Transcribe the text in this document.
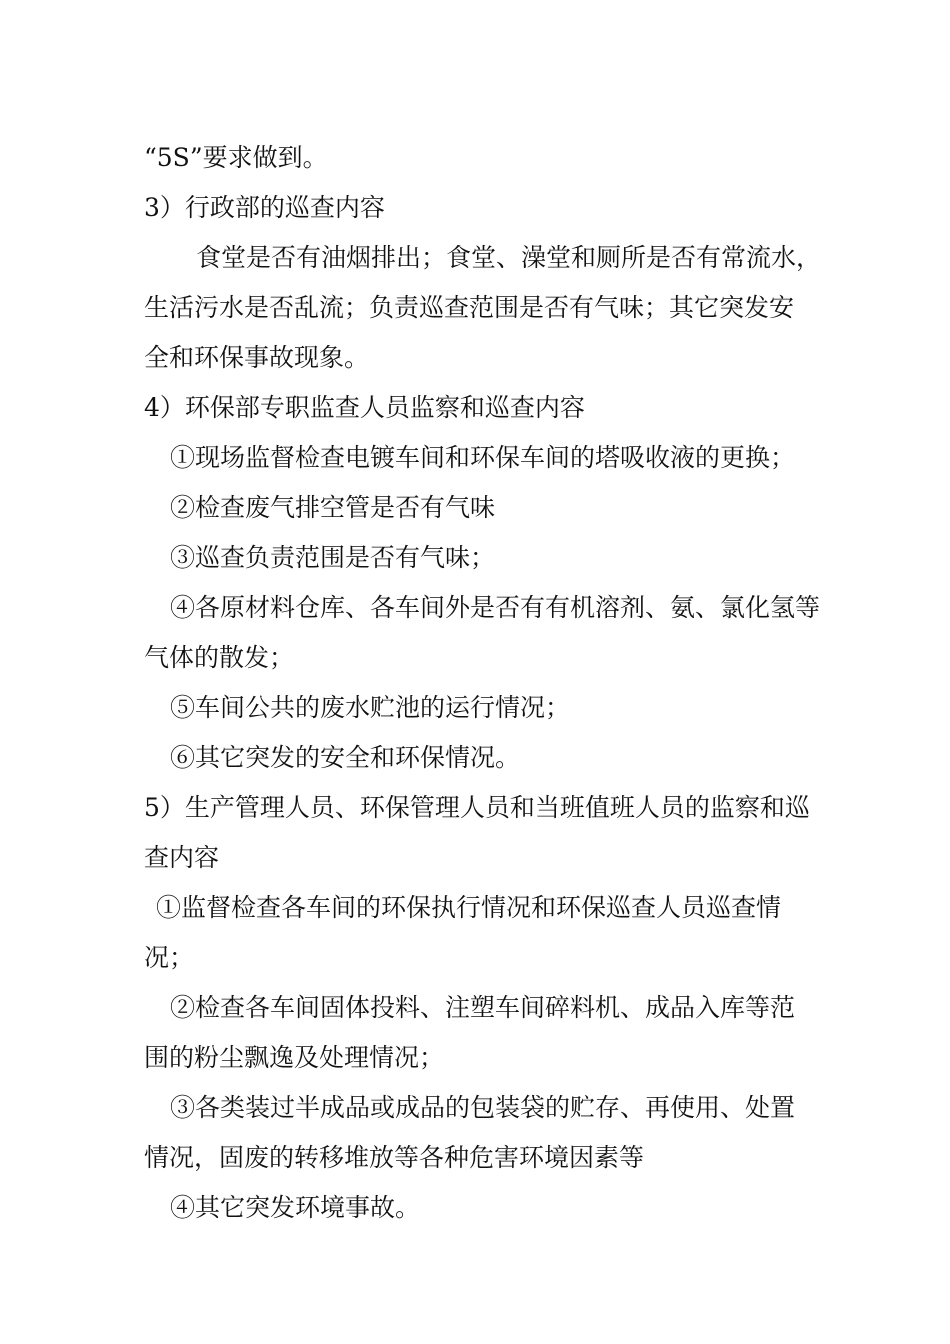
“5S”要求做到。
3）行政部的巡查内容
食堂是否有油烟排出；食堂、澡堂和厕所是否有常流水，
生活污水是否乱流；负责巡查范围是否有气味；其它突发安
全和环保事故现象。
4）环保部专职监查人员监察和巡查内容
①现场监督检查电镀车间和环保车间的塔吸收液的更换；
②检查废气排空管是否有气味
③巡查负责范围是否有气味；
④各原材料仓库、各车间外是否有有机溶剂、氨、氯化氢等
气体的散发；
⑤车间公共的废水贮池的运行情况；
⑥其它突发的安全和环保情况。
5）生产管理人员、环保管理人员和当班值班人员的监察和巡
查内容
①监督检查各车间的环保执行情况和环保巡查人员巡查情
况；
②检查各车间固体投料、注塑车间碎料机、成品入库等范
围的粉尘飘逸及处理情况；
③各类装过半成品或成品的包装袋的贮存、再使用、处置
情况，固废的转移堆放等各种危害环境因素等
④其它突发环境事故。
